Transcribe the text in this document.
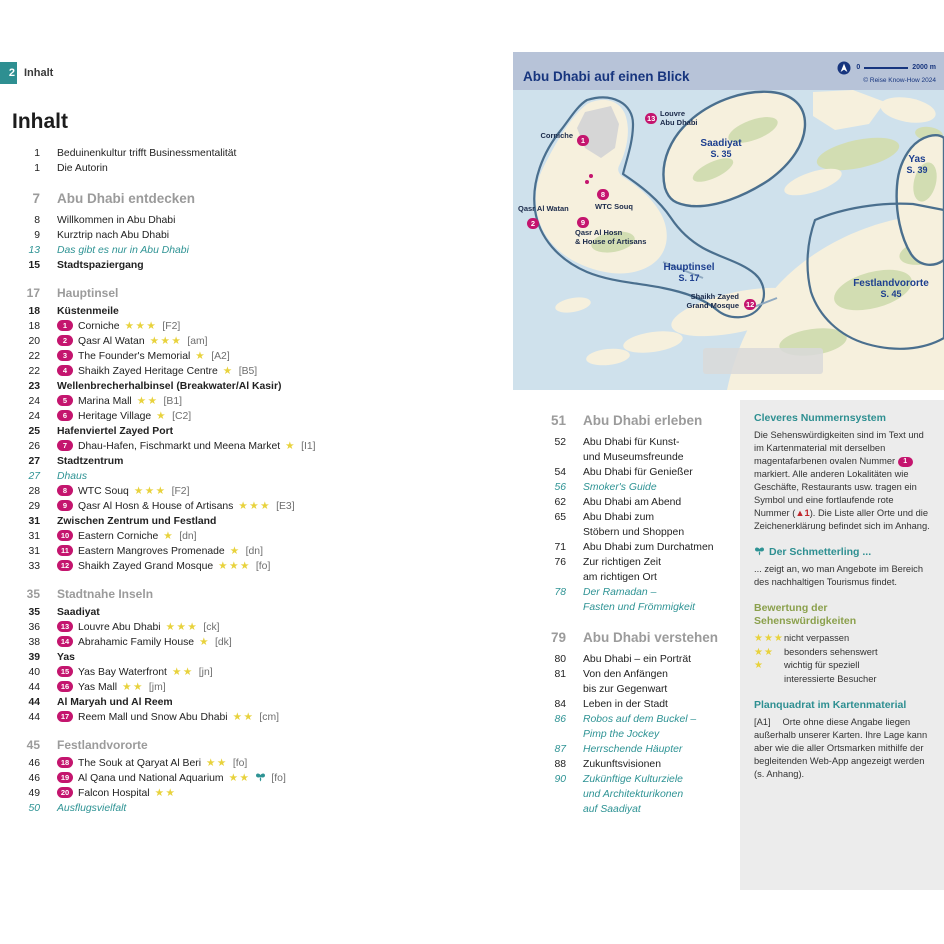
2 Inhalt
Inhalt
1 Beduinenkultur trifft Businessmentalität
1 Die Autorin
7 Abu Dhabi entdecken
8 Willkommen in Abu Dhabi
9 Kurztrip nach Abu Dhabi
13 Das gibt es nur in Abu Dhabi
15 Stadtspaziergang
17 Hauptinsel
18 Küstenmeile
18	1 Corniche ★★★ [F2]
20	2 Qasr Al Watan ★★★ [am]
22	3 The Founder's Memorial ★ [A2]
22	4 Shaikh Zayed Heritage Centre ★ [B5]
23 Wellenbrecherhalbinsel (Breakwater/Al Kasir)
24	5 Marina Mall ★★ [B1]
24	6 Heritage Village ★ [C2]
25 Hafenviertel Zayed Port
26	7 Dhau-Hafen, Fischmarkt und Meena Market ★ [I1]
27 Stadtzentrum
27 Dhaus
28	8 WTC Souq ★★★ [F2]
29	9 Qasr Al Hosn & House of Artisans ★★★ [E3]
31 Zwischen Zentrum und Festland
31	10 Eastern Corniche ★ [dn]
31	11 Eastern Mangroves Promenade ★ [dn]
33	12 Shaikh Zayed Grand Mosque ★★★ [fo]
35 Stadtnahe Inseln
35 Saadiyat
36	13 Louvre Abu Dhabi ★★★ [ck]
38	14 Abrahamic Family House ★ [dk]
39 Yas
40	15 Yas Bay Waterfront ★★ [jn]
44	16 Yas Mall ★★ [jm]
44 Al Maryah und Al Reem
44	17 Reem Mall und Snow Abu Dhabi ★★ [cm]
45 Festlandvororte
46	18 The Souk at Qaryat Al Beri ★★ [fo]
46	19 Al Qana und National Aquarium ★★ [fo]
49	20 Falcon Hospital ★★
50 Ausflugsvielfalt
51 Abu Dhabi erleben
52 Abu Dhabi für Kunst-
und Museumsfreunde
54 Abu Dhabi für Genießer
56 Smoker's Guide
62 Abu Dhabi am Abend
65 Abu Dhabi zum
Stöbern und Shoppen
71 Abu Dhabi zum Durchatmen
76 Zur richtigen Zeit
am richtigen Ort
78 Der Ramadan –
Fasten und Frömmigkeit
79 Abu Dhabi verstehen
80 Abu Dhabi – ein Porträt
81 Von den Anfängen
bis zur Gegenwart
84 Leben in der Stadt
86 Robos auf dem Buckel –
Pimp the Jockey
87 Herrschende Häupter
88 Zukunftsvisionen
90 Zukünftige Kulturziele
und Architekturikonen
auf Saadiyat
Abu Dhabi auf einen Blick
0	2000 m
© Reise Know-How 2024
Saadiyat
S. 35	Yas
S. 39
Hauptinsel
S. 17	Festlandvororte
S. 45
1
Corniche
13
Louvre
Abu Dhabi
2
Qasr Al Watan
8
WTC Souq
9
Qasr Al Hosn
& House of Artisans
12
Shaikh Zayed
Grand Mosque
Cleveres Nummernsystem
Die Sehenswürdigkeiten sind im Text und im Kartenmaterial mit derselben magentafarbenen ovalen Nummer 1 markiert. Alle anderen Lokalitäten wie Geschäfte, Restaurants usw. tragen ein Symbol und eine fortlaufende rote Nummer (▲1). Die Liste aller Orte und die Zeichenerklärung befindet sich im Anhang.
Der Schmetterling ...
... zeigt an, wo man Angebote im Bereich des nachhaltigen Tourismus findet.
Bewertung der
Sehenswürdigkeiten
★★★ nicht verpassen
★★	besonders sehenswert
★	wichtig für speziell
interessierte Besucher
Planquadrat im Kartenmaterial
[A1] Orte ohne diese Angabe liegen außerhalb unserer Karten. Ihre Lage kann aber wie die aller Ortsmarken mithilfe der begleitenden Web-App angezeigt werden (s. Anhang).
